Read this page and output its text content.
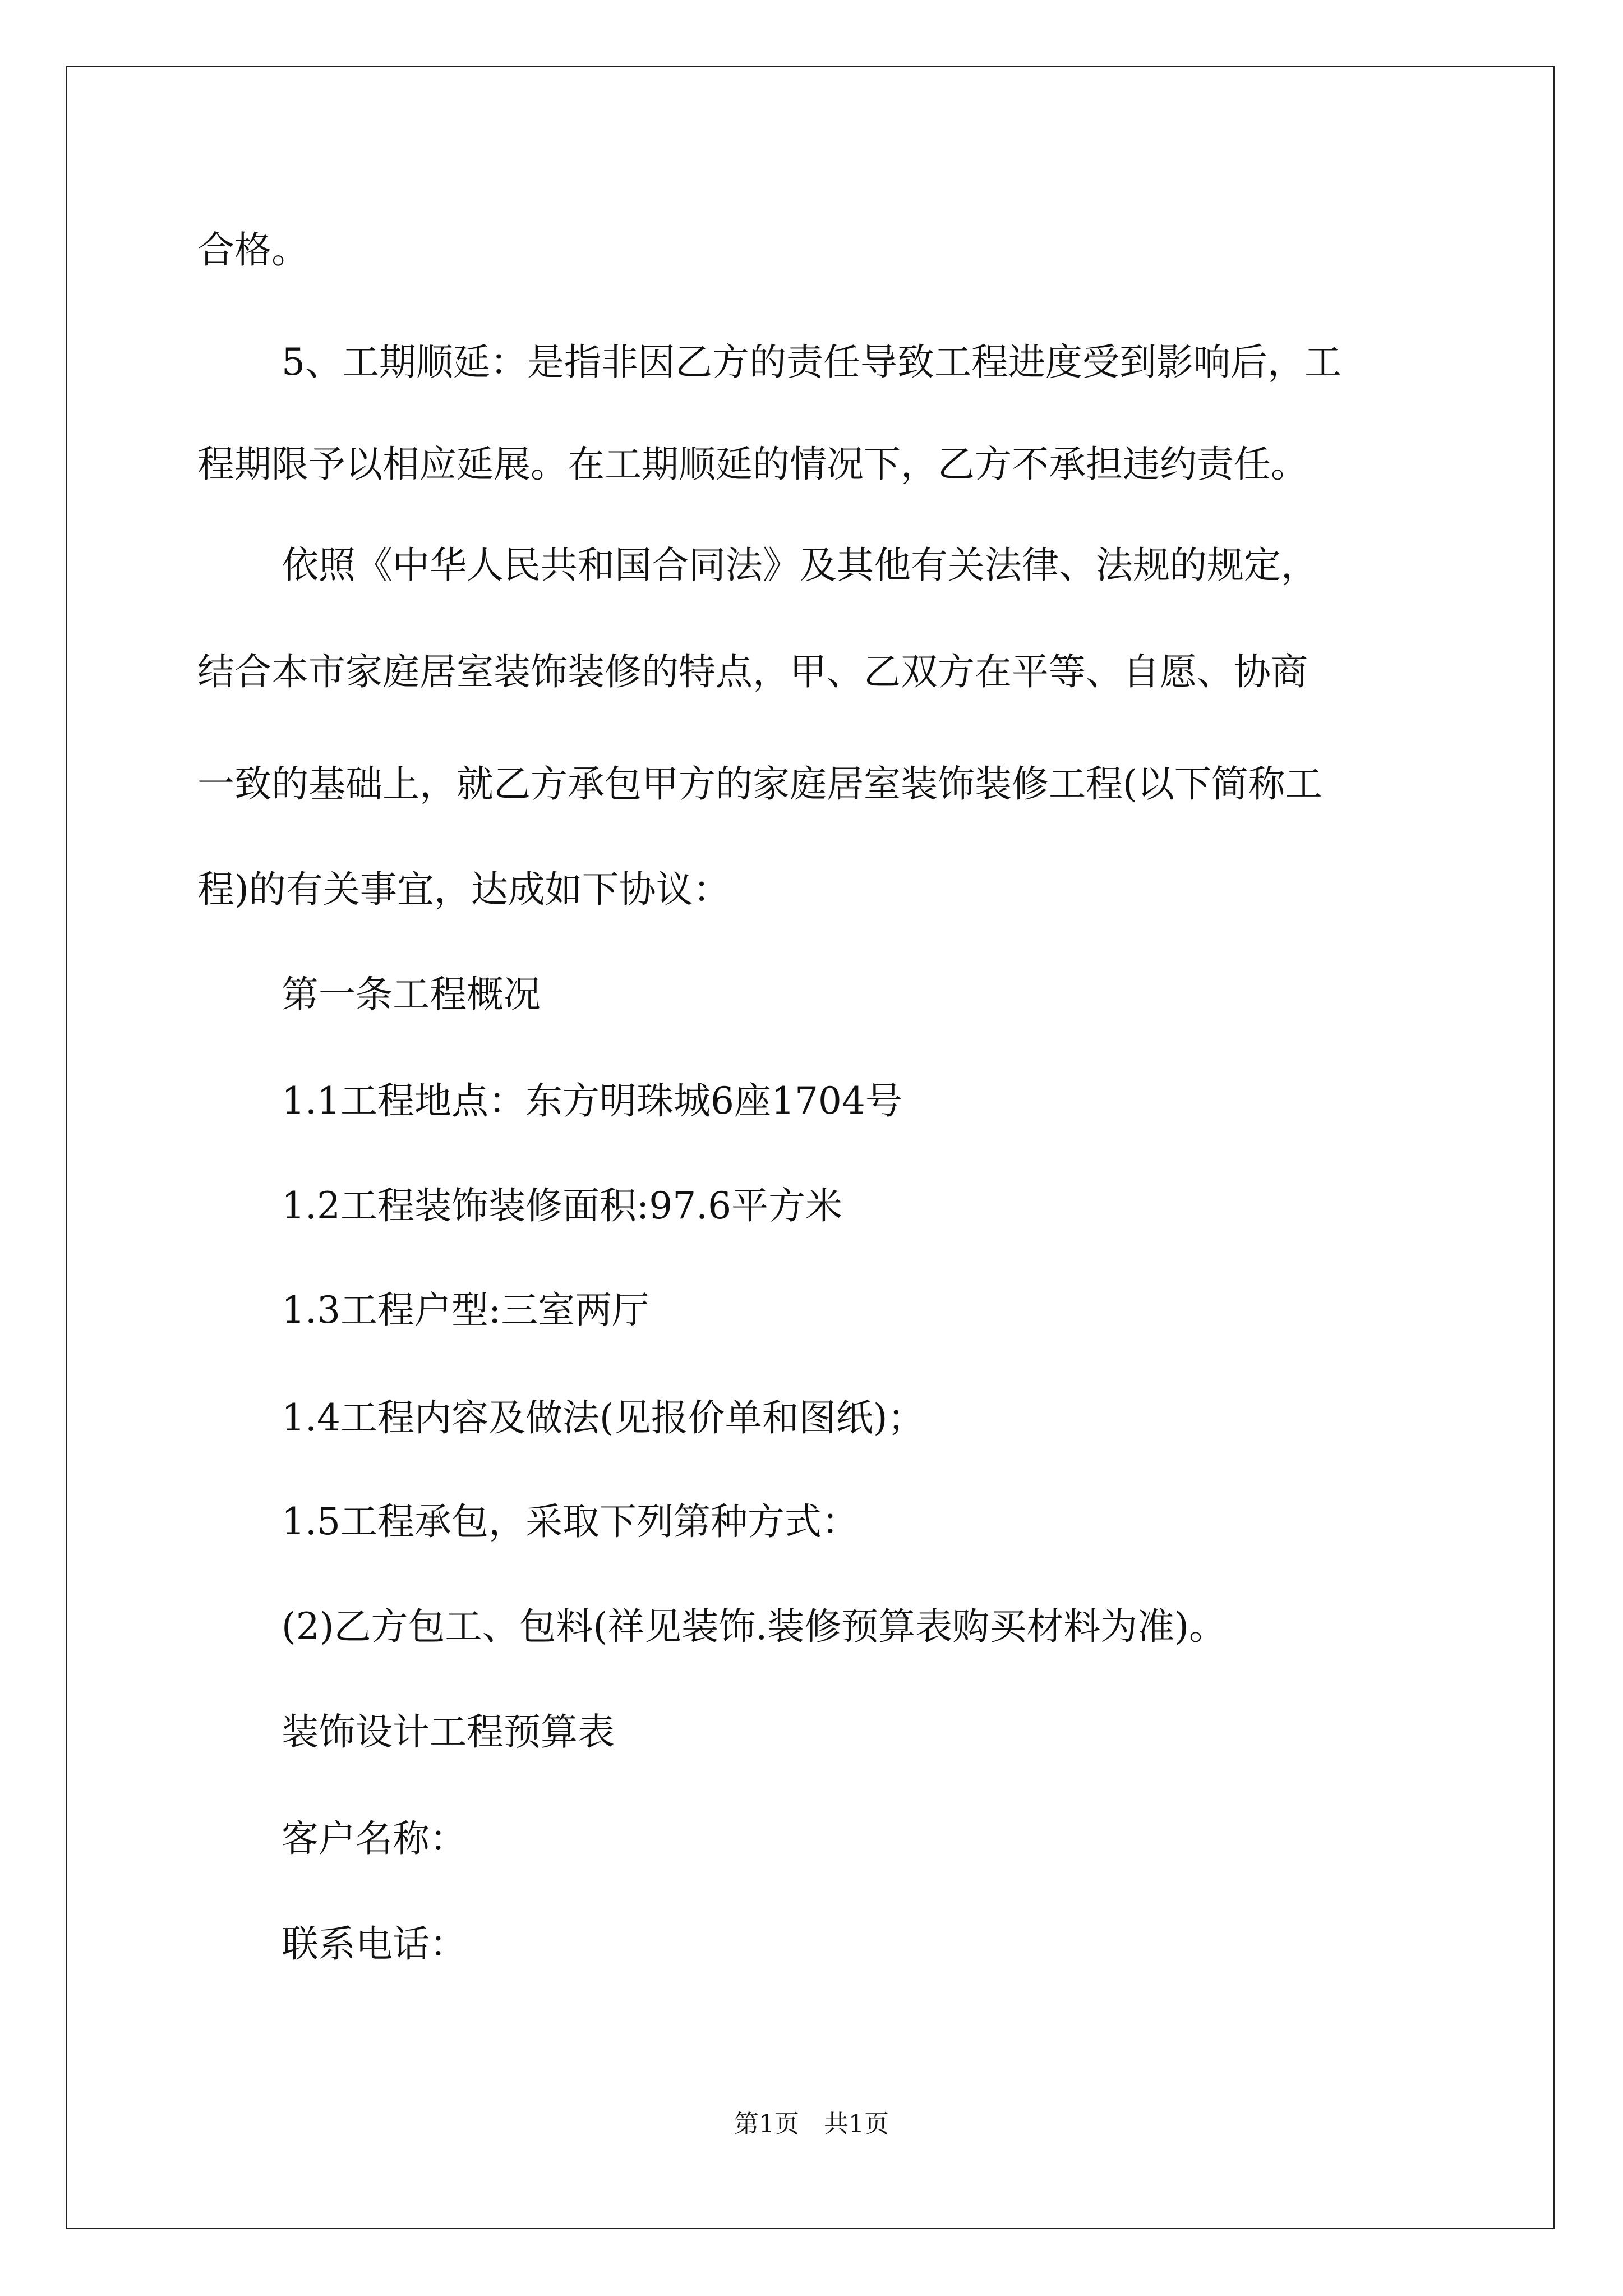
合格。
5、工期顺延：是指非因乙方的责任导致工程进度受到影响后，工
程期限予以相应延展。在工期顺延的情况下，乙方不承担违约责任。
依照《中华人民共和国合同法》及其他有关法律、法规的规定，
结合本市家庭居室装饰装修的特点，甲、乙双方在平等、自愿、协商
一致的基础上，就乙方承包甲方的家庭居室装饰装修工程(以下简称工
程)的有关事宜，达成如下协议：
第一条工程概况
1.1工程地点：东方明珠城6座1704号
1.2工程装饰装修面积:97.6平方米
1.3工程户型:三室两厅
1.4工程内容及做法(见报价单和图纸)；
1.5工程承包，采取下列第种方式：
(2)乙方包工、包料(祥见装饰.装修预算表购买材料为准)。
装饰设计工程预算表
客户名称：
联系电话：
第1页　共1页
